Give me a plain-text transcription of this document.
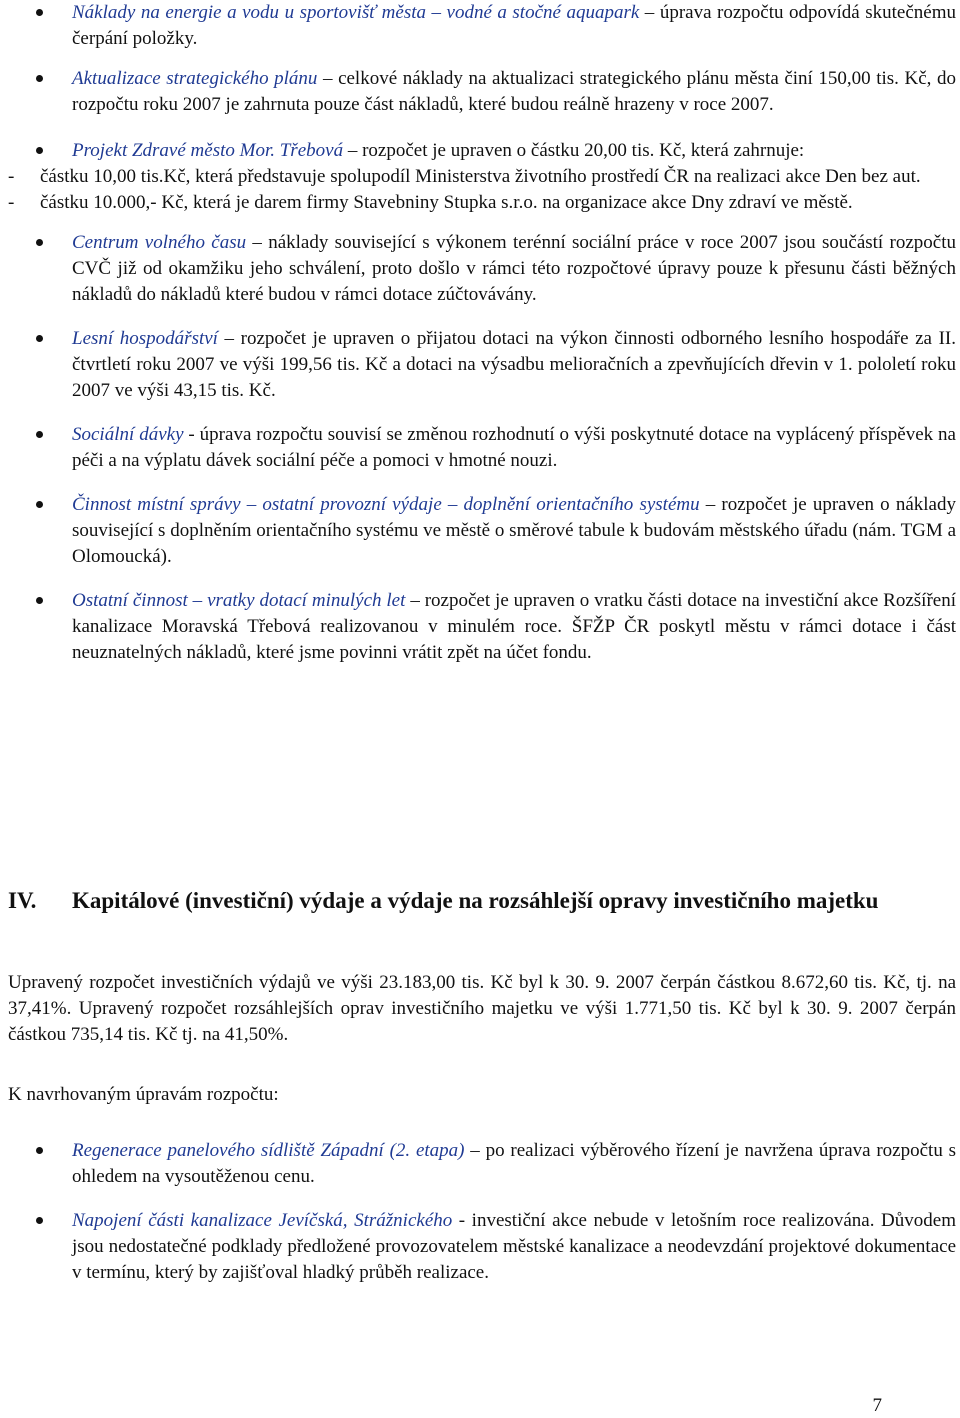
Náklady na energie a vodu u sportovišť města – vodné a stočné aquapark – úprava rozpočtu odpovídá skutečnému čerpání položky.
Aktualizace strategického plánu – celkové náklady na aktualizaci strategického plánu města činí 150,00 tis. Kč, do rozpočtu roku 2007 je zahrnuta pouze část nákladů, které budou reálně hrazeny v roce 2007.
Projekt Zdravé město Mor. Třebová – rozpočet je upraven o částku 20,00 tis. Kč, která zahrnuje:
- částku 10,00 tis.Kč, která představuje spolupodíl Ministerstva životního prostředí ČR na realizaci akce Den bez aut.
- částku 10.000,- Kč, která je darem firmy Stavebniny Stupka s.r.o. na organizace akce Dny zdraví ve městě.
Centrum volného času – náklady související s výkonem terénní sociální práce v roce 2007 jsou součástí rozpočtu CVČ již od okamžiku jeho schválení, proto došlo v rámci této rozpočtové úpravy pouze k přesunu části běžných nákladů do nákladů které budou v rámci dotace zúčtovávány.
Lesní hospodářství – rozpočet je upraven o přijatou dotaci na výkon činnosti odborného lesního hospodáře za II. čtvrtletí roku 2007 ve výši 199,56 tis. Kč a dotaci na výsadbu melioračních a zpevňujících dřevin v 1. pololetí roku 2007 ve výši 43,15 tis. Kč.
Sociální dávky - úprava rozpočtu souvisí se změnou rozhodnutí o výši poskytnuté dotace na vyplácený příspěvek na péči a na výplatu dávek sociální péče a pomoci v hmotné nouzi.
Činnost místní správy – ostatní provozní výdaje – doplnění orientačního systému – rozpočet je upraven o náklady související s doplněním orientačního systému ve městě o směrové tabule k budovám městského úřadu (nám. TGM a Olomoucká).
Ostatní činnost – vratky dotací minulých let – rozpočet je upraven o vratku části dotace na investiční akce Rozšíření kanalizace Moravská Třebová realizovanou v minulém roce. ŠFŽP ČR poskytl městu v rámci dotace i část neuznatelných nákladů, které jsme povinni vrátit zpět na účet fondu.
IV. Kapitálové (investiční) výdaje a výdaje na rozsáhlejší opravy investičního majetku

Upravený rozpočet investičních výdajů ve výši 23.183,00 tis. Kč byl k 30. 9. 2007 čerpán částkou 8.672,60 tis. Kč, tj. na 37,41%. Upravený rozpočet rozsáhlejších oprav investičního majetku ve výši 1.771,50 tis. Kč byl k 30. 9. 2007 čerpán částkou 735,14 tis. Kč tj. na 41,50%.

K navrhovaným úpravám rozpočtu:

Regenerace panelového sídliště Západní (2. etapa) – po realizaci výběrového řízení je navržena úprava rozpočtu s ohledem na vysoutěženou cenu.
Napojení části kanalizace Jevíčská, Strážnického - investiční akce nebude v letošním roce realizována. Důvodem jsou nedostatečné podklady předložené provozovatelem městské kanalizace a neodevzdání projektové dokumentace v termínu, který by zajišťoval hladký průběh realizace.
7
